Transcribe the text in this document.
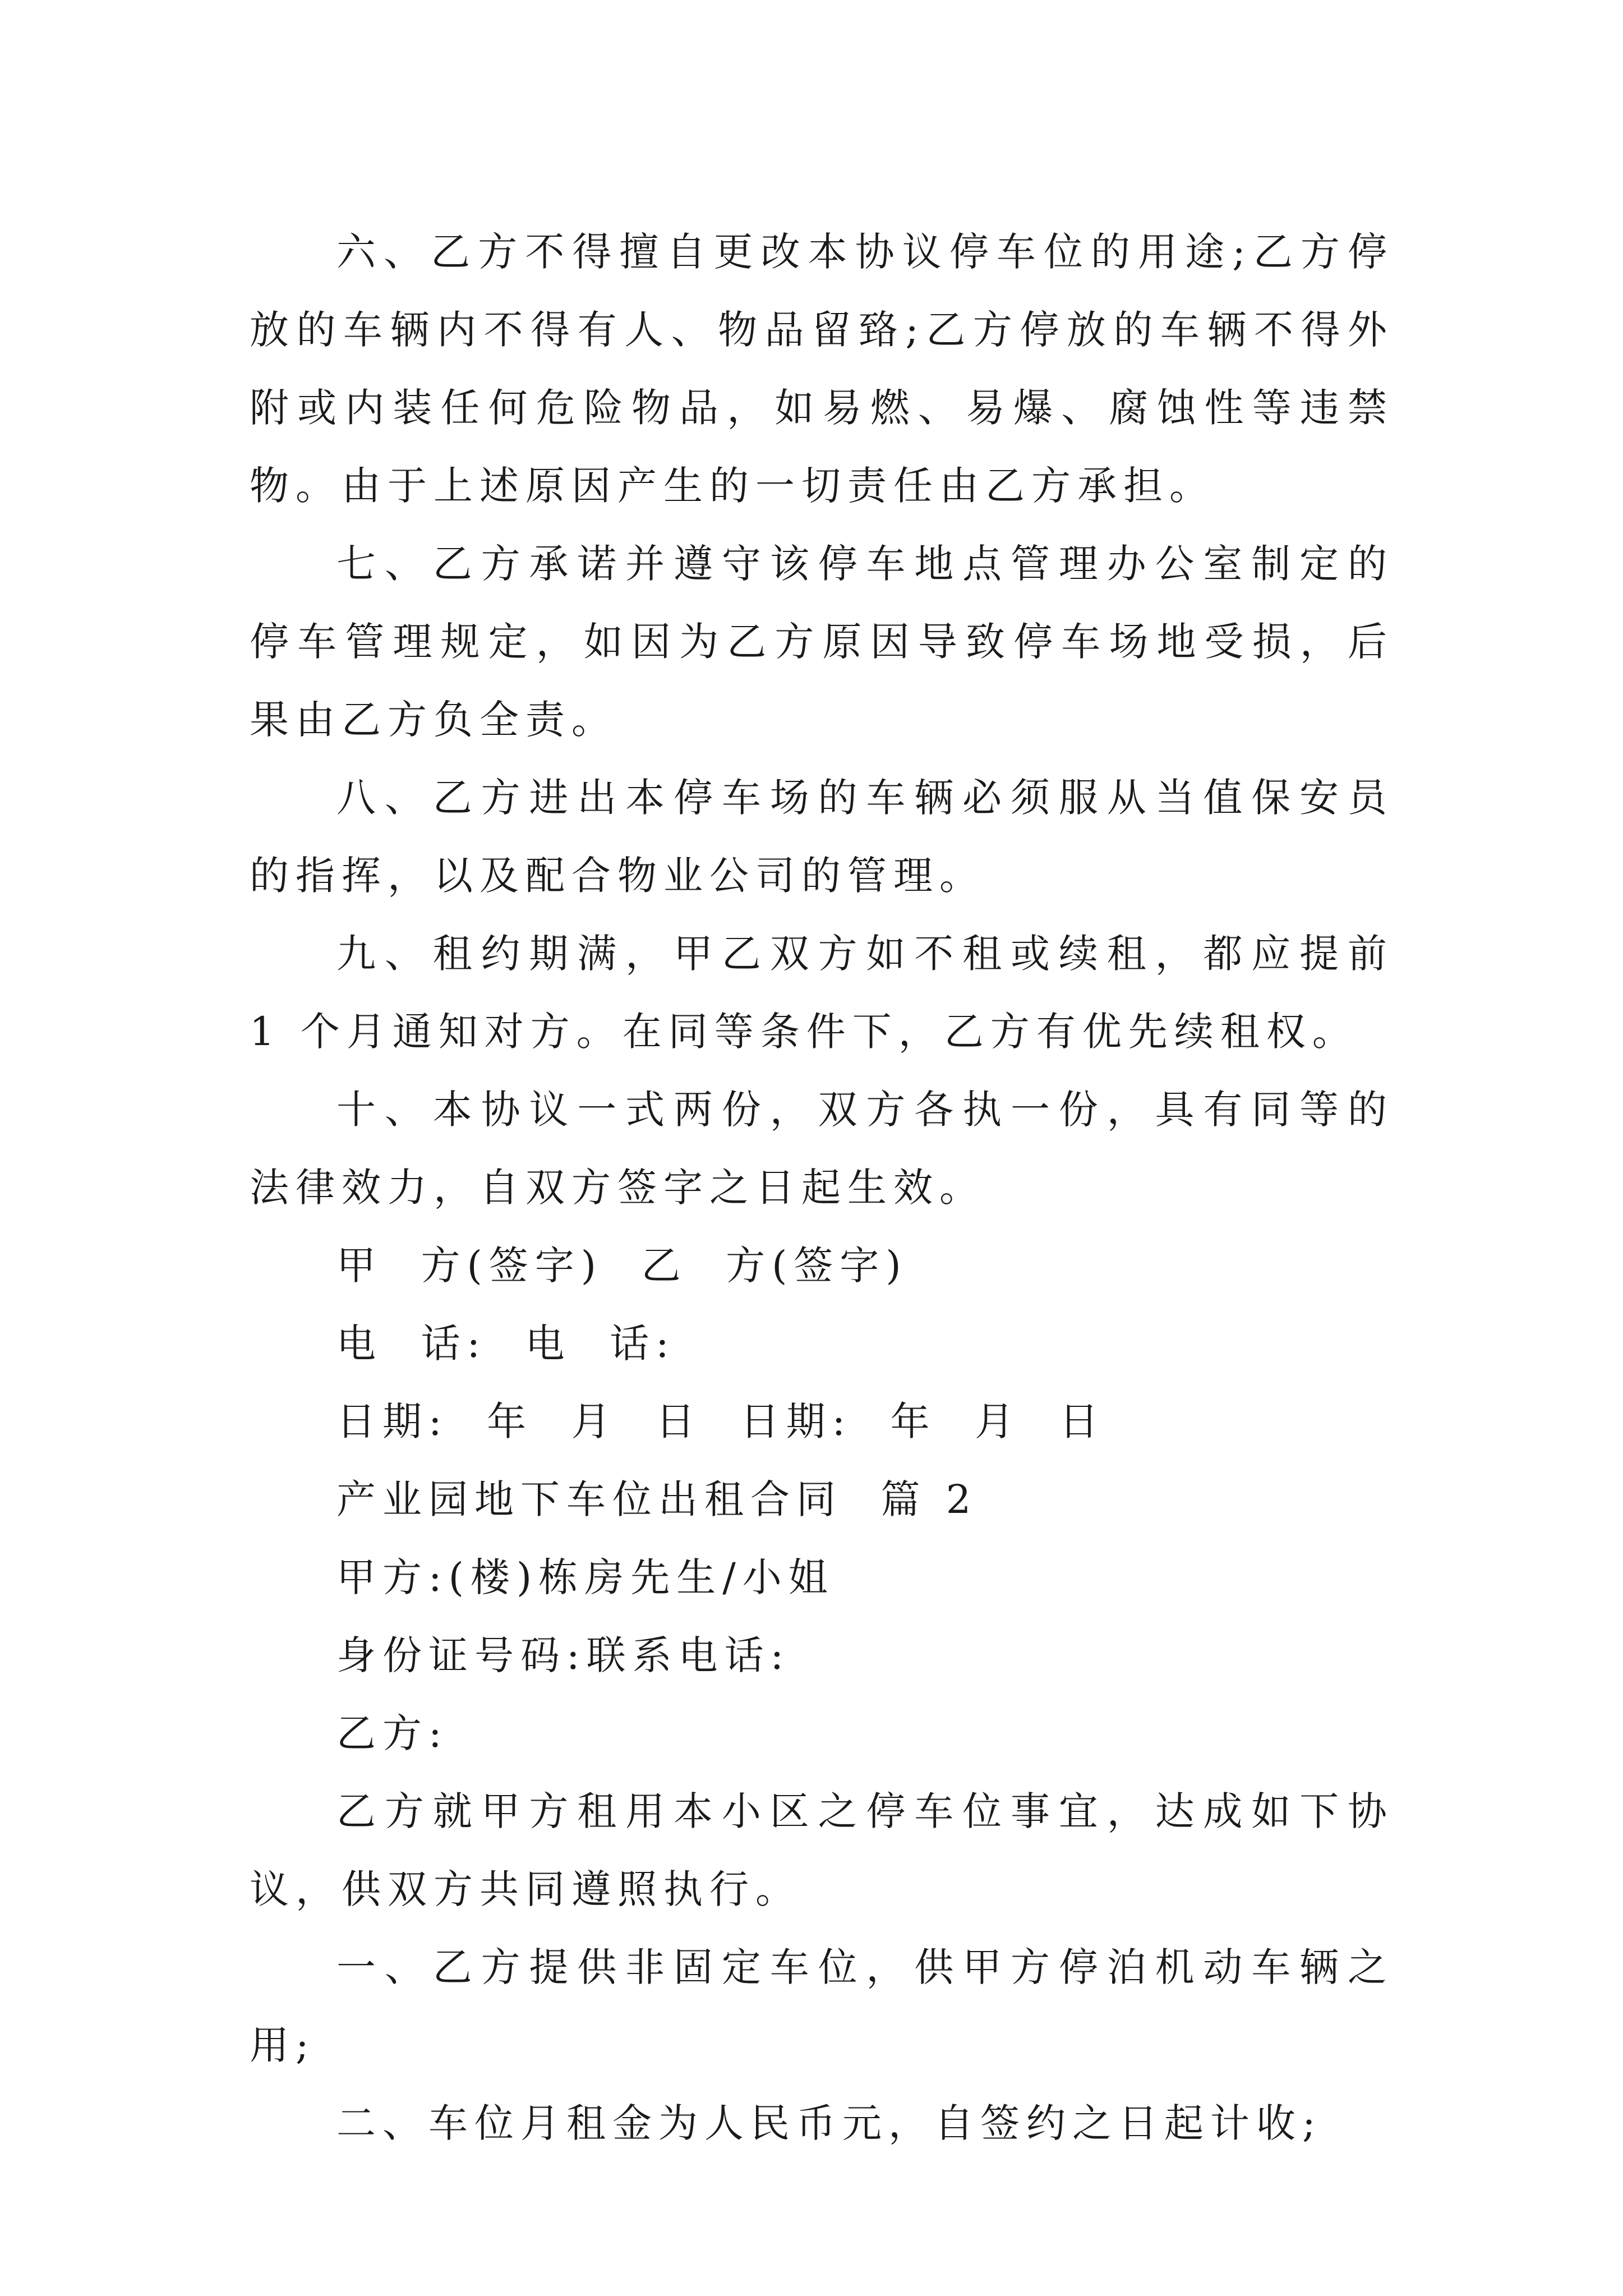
六、乙方不得擅自更改本协议停车位的用途;乙方停放的车辆内不得有人、物品留臵;乙方停放的车辆不得外附或内装任何危险物品，如易燃、易爆、腐蚀性等违禁物。由于上述原因产生的一切责任由乙方承担。

七、乙方承诺并遵守该停车地点管理办公室制定的停车管理规定，如因为乙方原因导致停车场地受损，后果由乙方负全责。

八、乙方进出本停车场的车辆必须服从当值保安员的指挥，以及配合物业公司的管理。

九、租约期满，甲乙双方如不租或续租，都应提前 1 个月通知对方。在同等条件下，乙方有优先续租权。

十、本协议一式两份，双方各执一份，具有同等的法律效力，自双方签字之日起生效。

甲  方(签字)  乙  方(签字)

电  话:  电  话:

日期:  年  月  日  日期:  年  月  日

产业园地下车位出租合同  篇 2

甲方:(楼)栋房先生/小姐

身份证号码:联系电话:

乙方:

乙方就甲方租用本小区之停车位事宜，达成如下协议，供双方共同遵照执行。

一、乙方提供非固定车位，供甲方停泊机动车辆之用;

二、车位月租金为人民币元，自签约之日起计收;
